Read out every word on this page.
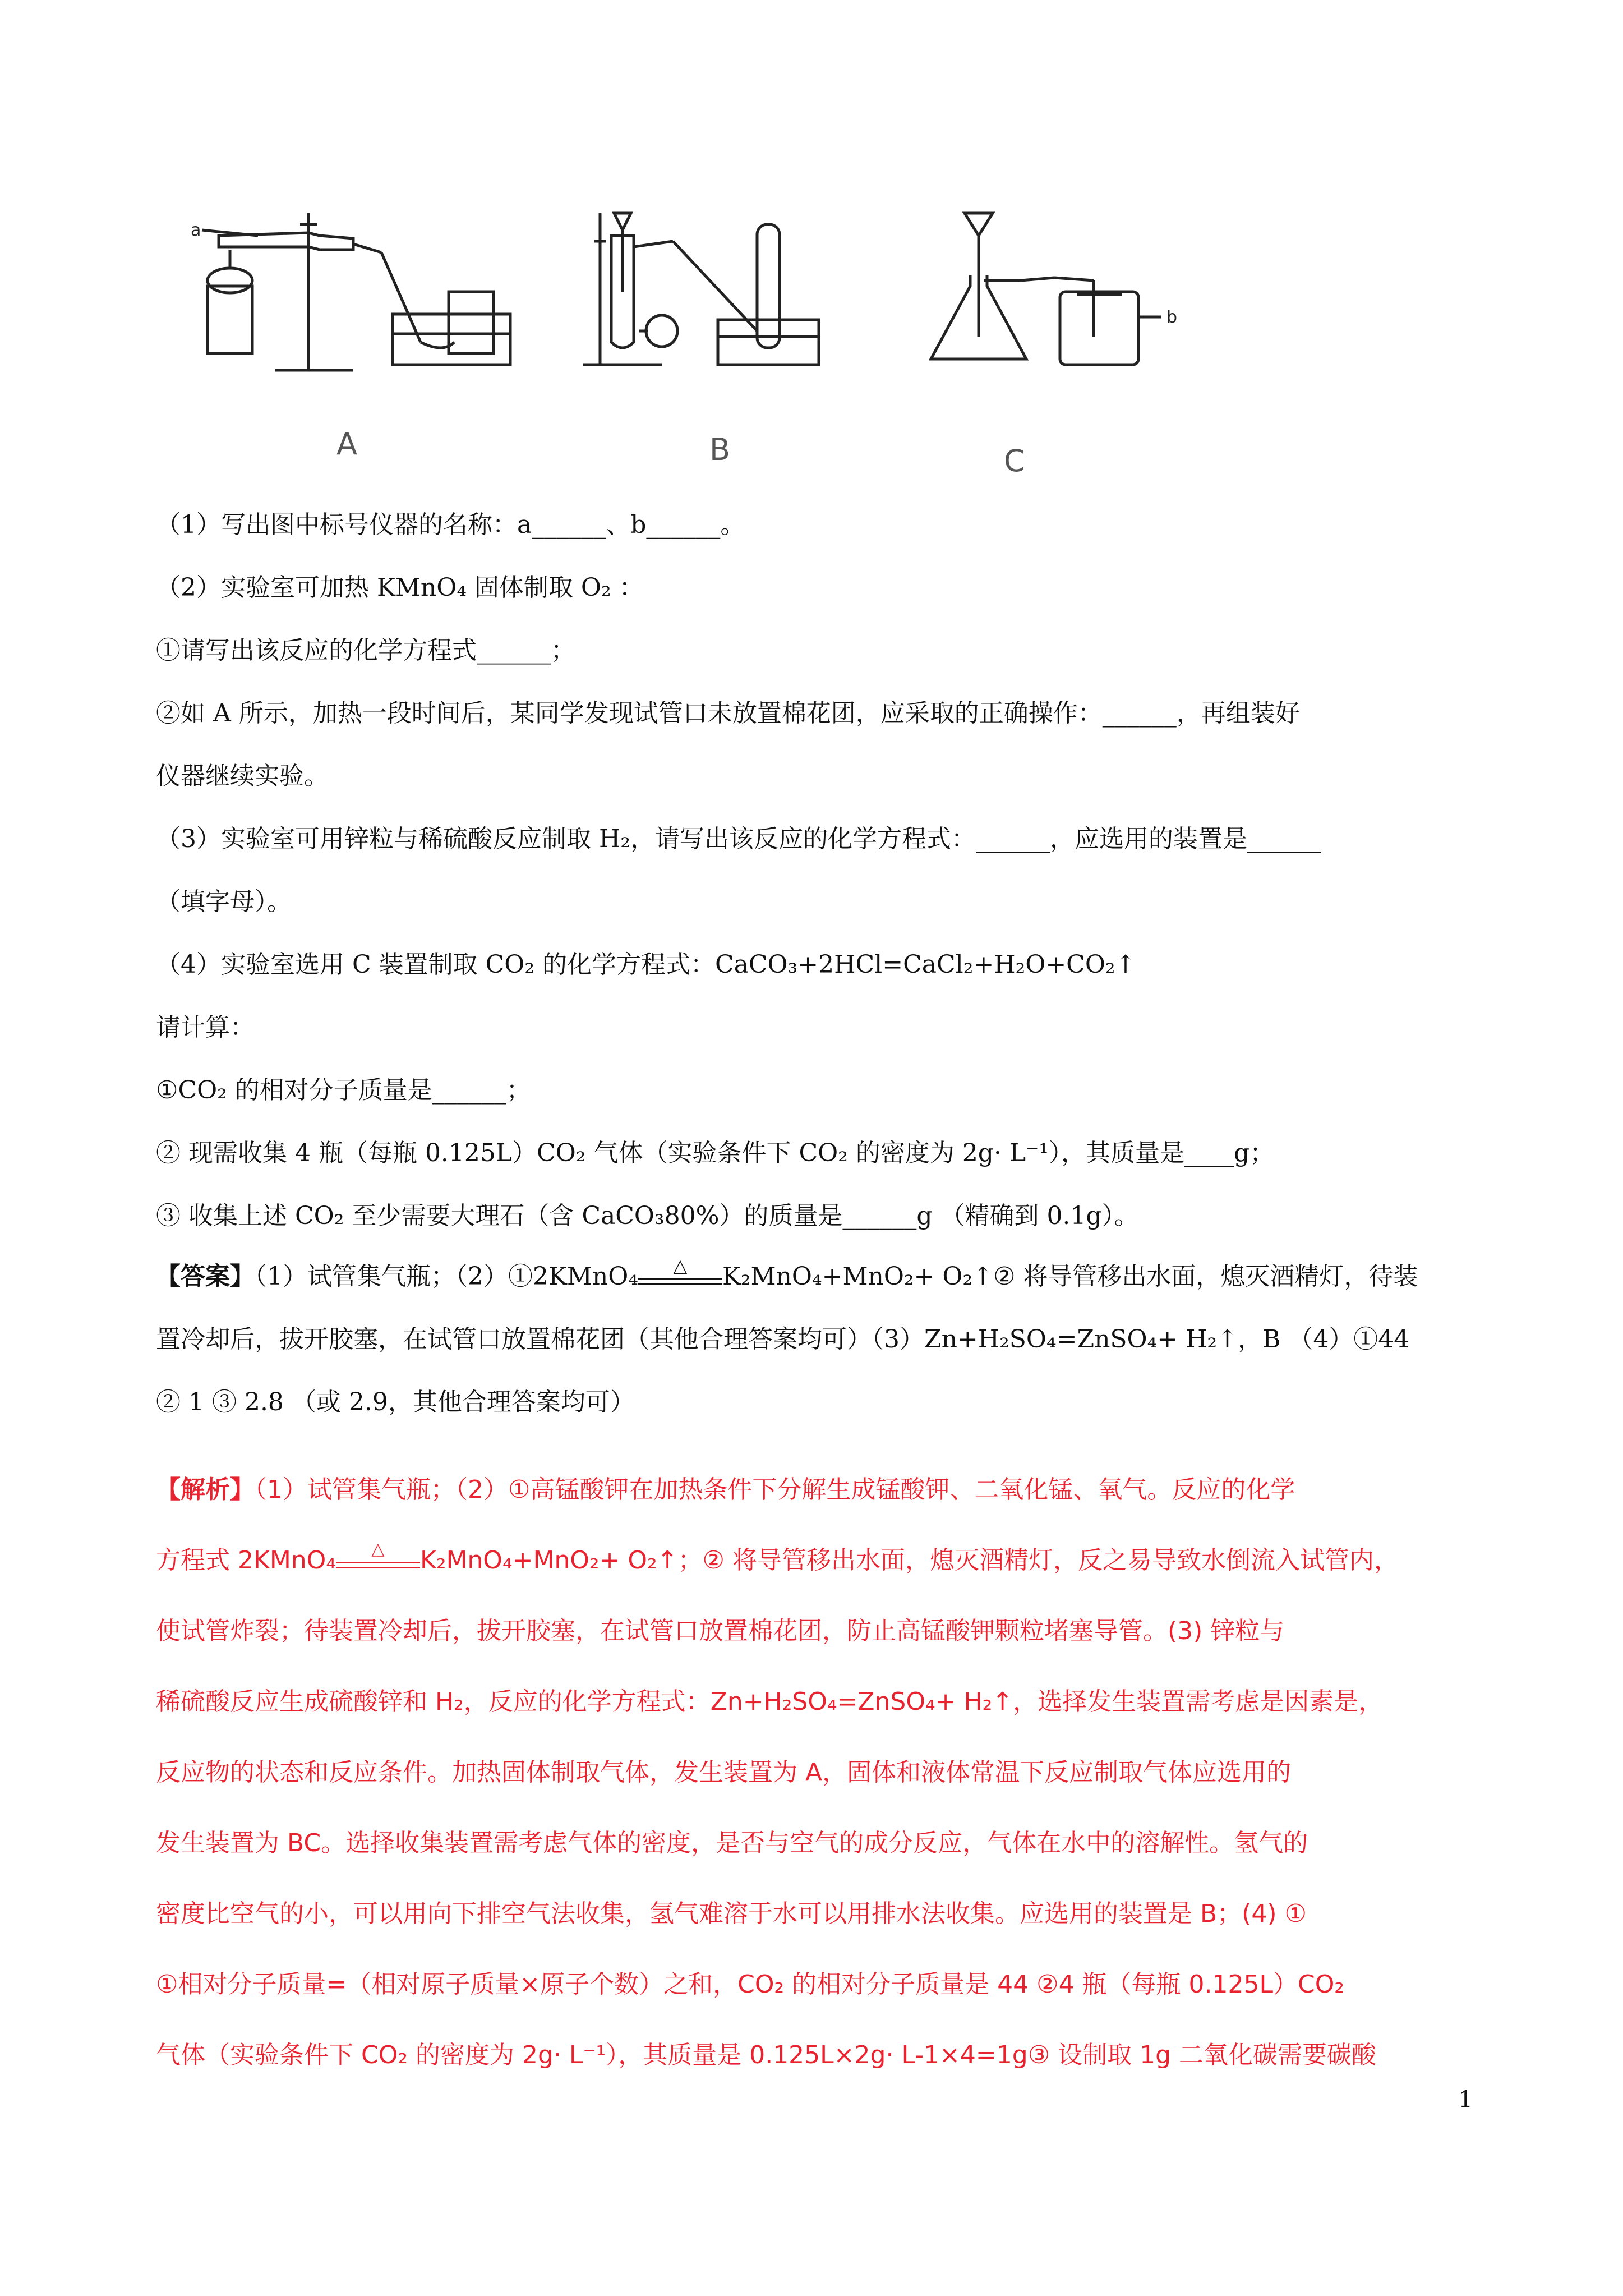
a
A	B
b
C
（1）写出图中标号仪器的名称：a______、b______。
（2）实验室可加热 KMnO₄ 固体制取 O₂ ：
①请写出该反应的化学方程式______；
②如 A 所示，加热一段时间后，某同学发现试管口未放置棉花团，应采取的正确操作：______，再组装好
仪器继续实验。
（3）实验室可用锌粒与稀硫酸反应制取 H₂，请写出该反应的化学方程式：______，应选用的装置是______
（填字母）。
（4）实验室选用 C 装置制取 CO₂ 的化学方程式：CaCO₃+2HCl=CaCl₂+H₂O+CO₂↑
请计算：
①CO₂ 的相对分子质量是______；
② 现需收集 4 瓶（每瓶 0.125L）CO₂ 气体（实验条件下 CO₂ 的密度为 2g· L⁻¹），其质量是____g；
③ 收集上述 CO₂ 至少需要大理石（含 CaCO₃80%）的质量是______g （精确到 0.1g）。
【答案】（1）试管集气瓶；（2）①2KMnO₄	△	K₂MnO₄+MnO₂+ O₂↑② 将导管移出水面，熄灭酒精灯，待装
置冷却后，拔开胶塞，在试管口放置棉花团（其他合理答案均可）（3）Zn+H₂SO₄=ZnSO₄+ H₂↑，B （4）①44
② 1 ③ 2.8 （或 2.9，其他合理答案均可）
【解析】（1）试管集气瓶；（2）①高锰酸钾在加热条件下分解生成锰酸钾、二氧化锰、氧气。反应的化学
方程式 2KMnO₄	△	K₂MnO₄+MnO₂+ O₂↑；② 将导管移出水面，熄灭酒精灯，反之易导致水倒流入试管内，
使试管炸裂；待装置冷却后，拔开胶塞，在试管口放置棉花团，防止高锰酸钾颗粒堵塞导管。(3) 锌粒与
稀硫酸反应生成硫酸锌和 H₂，反应的化学方程式：Zn+H₂SO₄=ZnSO₄+ H₂↑，选择发生装置需考虑是因素是，
反应物的状态和反应条件。加热固体制取气体，发生装置为 A，固体和液体常温下反应制取气体应选用的
发生装置为 BC。选择收集装置需考虑气体的密度，是否与空气的成分反应，气体在水中的溶解性。氢气的
密度比空气的小，可以用向下排空气法收集，氢气难溶于水可以用排水法收集。应选用的装置是 B；(4) ①
①相对分子质量=（相对原子质量×原子个数）之和，CO₂ 的相对分子质量是 44 ②4 瓶（每瓶 0.125L）CO₂
气体（实验条件下 CO₂ 的密度为 2g· L⁻¹），其质量是 0.125L×2g· L-1×4=1g③ 设制取 1g 二氧化碳需要碳酸
1
